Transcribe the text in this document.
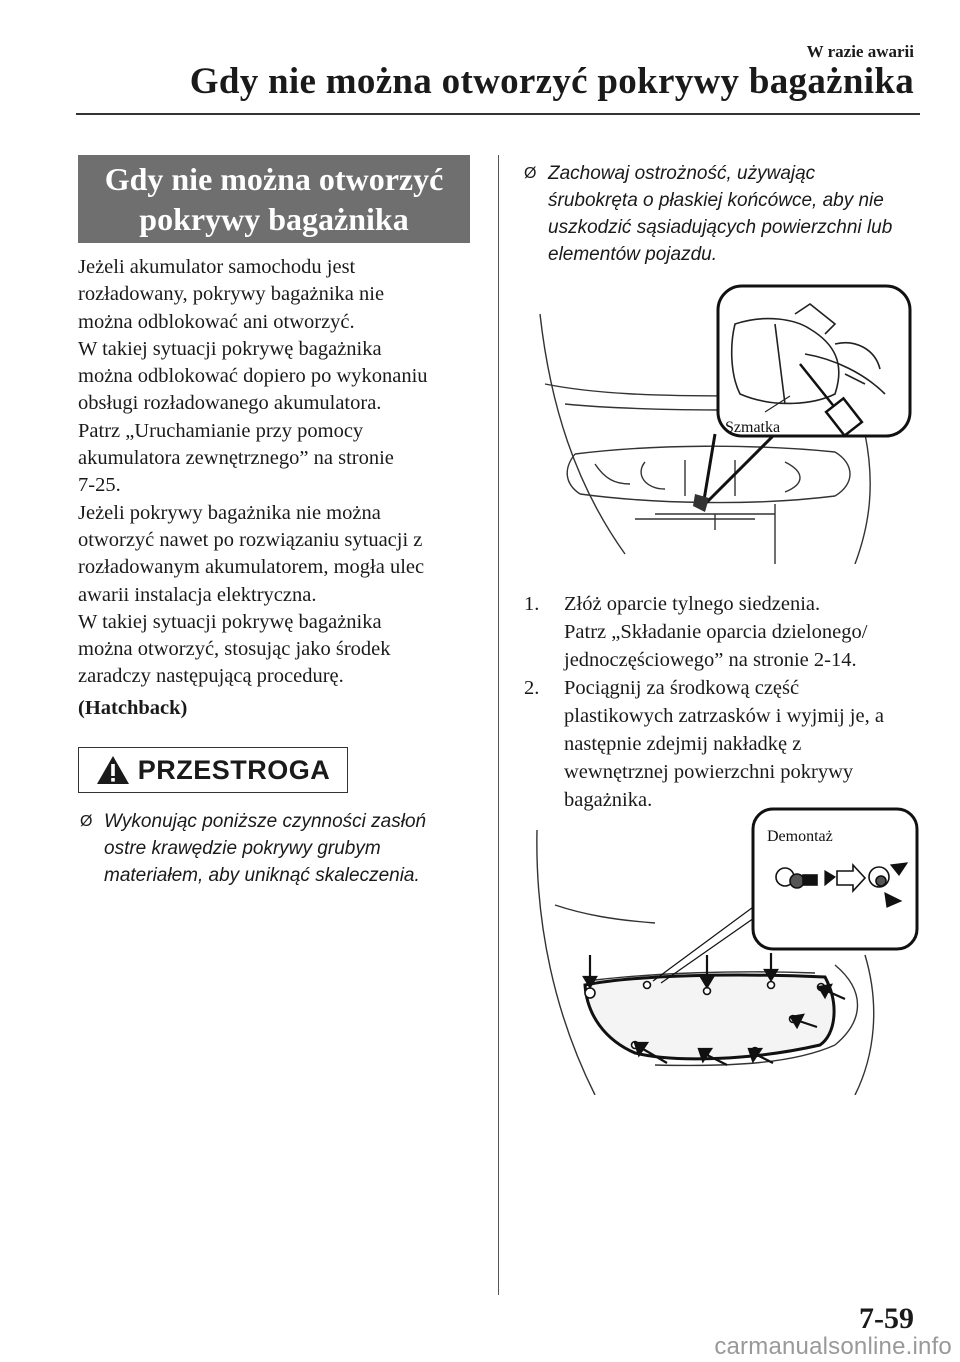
W razie awarii
Gdy nie można otworzyć pokrywy bagażnika
Gdy nie można otworzyć
pokrywy bagażnika

Jeżeli akumulator samochodu jest

rozładowany, pokrywy bagażnika nie

można odblokować ani otworzyć.

W takiej sytuacji pokrywę bagażnika

można odblokować dopiero po wykonaniu

obsługi rozładowanego akumulatora.

Patrz „Uruchamianie przy pomocy

akumulatora zewnętrznego” na stronie

7-25.

Jeżeli pokrywy bagażnika nie można

otworzyć nawet po rozwiązaniu sytuacji z

rozładowanym akumulatorem, mogła ulec

awarii instalacja elektryczna.

W takiej sytuacji pokrywę bagażnika

można otworzyć, stosując jako środek

zaradczy następującą procedurę.

(Hatchback)
PRZESTROGA
Ø Wykonując poniższe czynności zasłoń
ostre krawędzie pokrywy grubym
materiałem, aby uniknąć skaleczenia.
Ø Zachowaj ostrożność, używając
śrubokręta o płaskiej końcówce, aby nie
uszkodzić sąsiadujących powierzchni lub
elementów pojazdu.
Szmatka
1. Złóż oparcie tylnego siedzenia.
Patrz „Składanie oparcia dzielonego/
jednoczęściowego” na stronie 2-14.
2. Pociągnij za środkową część
plastikowych zatrzasków i wyjmij je, a
następnie zdejmij nakładkę z
wewnętrznej powierzchni pokrywy
bagażnika.
Demontaż
7-59
carmanualsonline.info
